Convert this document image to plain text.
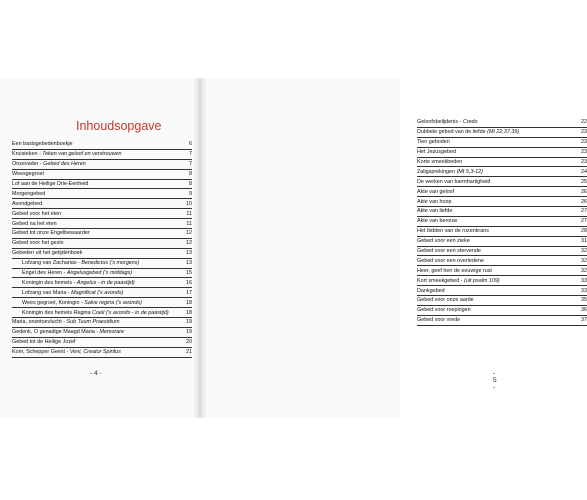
Inhoudsopgave
Een basisgebedenboekje	6
Kruisteken - Teken van geloof en verstrouwen	7
Onzevader - Gebed des Heren	7
Weesgegroet	8
Lof aan de Heilige Drie-Eenheid	8
Morgengebed	9
Avondgebed	10
Gebed voor het eten	11
Gebed na het eten	11
Gebed tot onze Engelbewaarder	12
Gebed voor het gezin	12
Gebeden uit het getijdenboek	13
Lofzang van Zacharias - Benedictus ('s morgens)	13
Engel des Heren - Angelusgebed ('s middags)	15
Koningin des hemels - Angelus - in de paastijd)	16
Lofzang van Maria - Magnificat ('s avonds)	17
Wees gegroet, Koningin - Salve regina ('s avonds)	18
Koningin des hemels Regina Coeli ('s avonds - in de paastijd)	18
Maria, onzetoevlucht - Sub Tuum Praesidium	19
Gedenk, O genadige Maagd Maria - Memorare	19
Gebed tot de Heilige Jozef	20
Kom, Schepper Geest - Veni, Creator Spiritus	21
- 4 -
Geloofsbelijdenis - Credo	22
Dubbele gebod van de liefde (Mt 22,37.39)	23
Tien geboden	23
Het Jezusgebed	23
Korte smeekbeden	23
Zaligsprekingen (Mt 5,3-12)	24
De werken van barmhartigheid	25
Akte van geloof	26
Akte van hoop	26
Akte van liefde	27
Akte van berouw	27
Het bidden van de rozenkrans	28
Gebed voor een zieke	31
Gebed voor een stervende	32
Gebed voor een overledene	32
Heer, geef hen de eeuwige rust	32
Kort smeekgebed - (uit psalm 109)	33
Dankgebed	33
Gebed voor onze aarde	35
Gebed voor roepingen	36
Gebed voor vrede	37
- 5 -
